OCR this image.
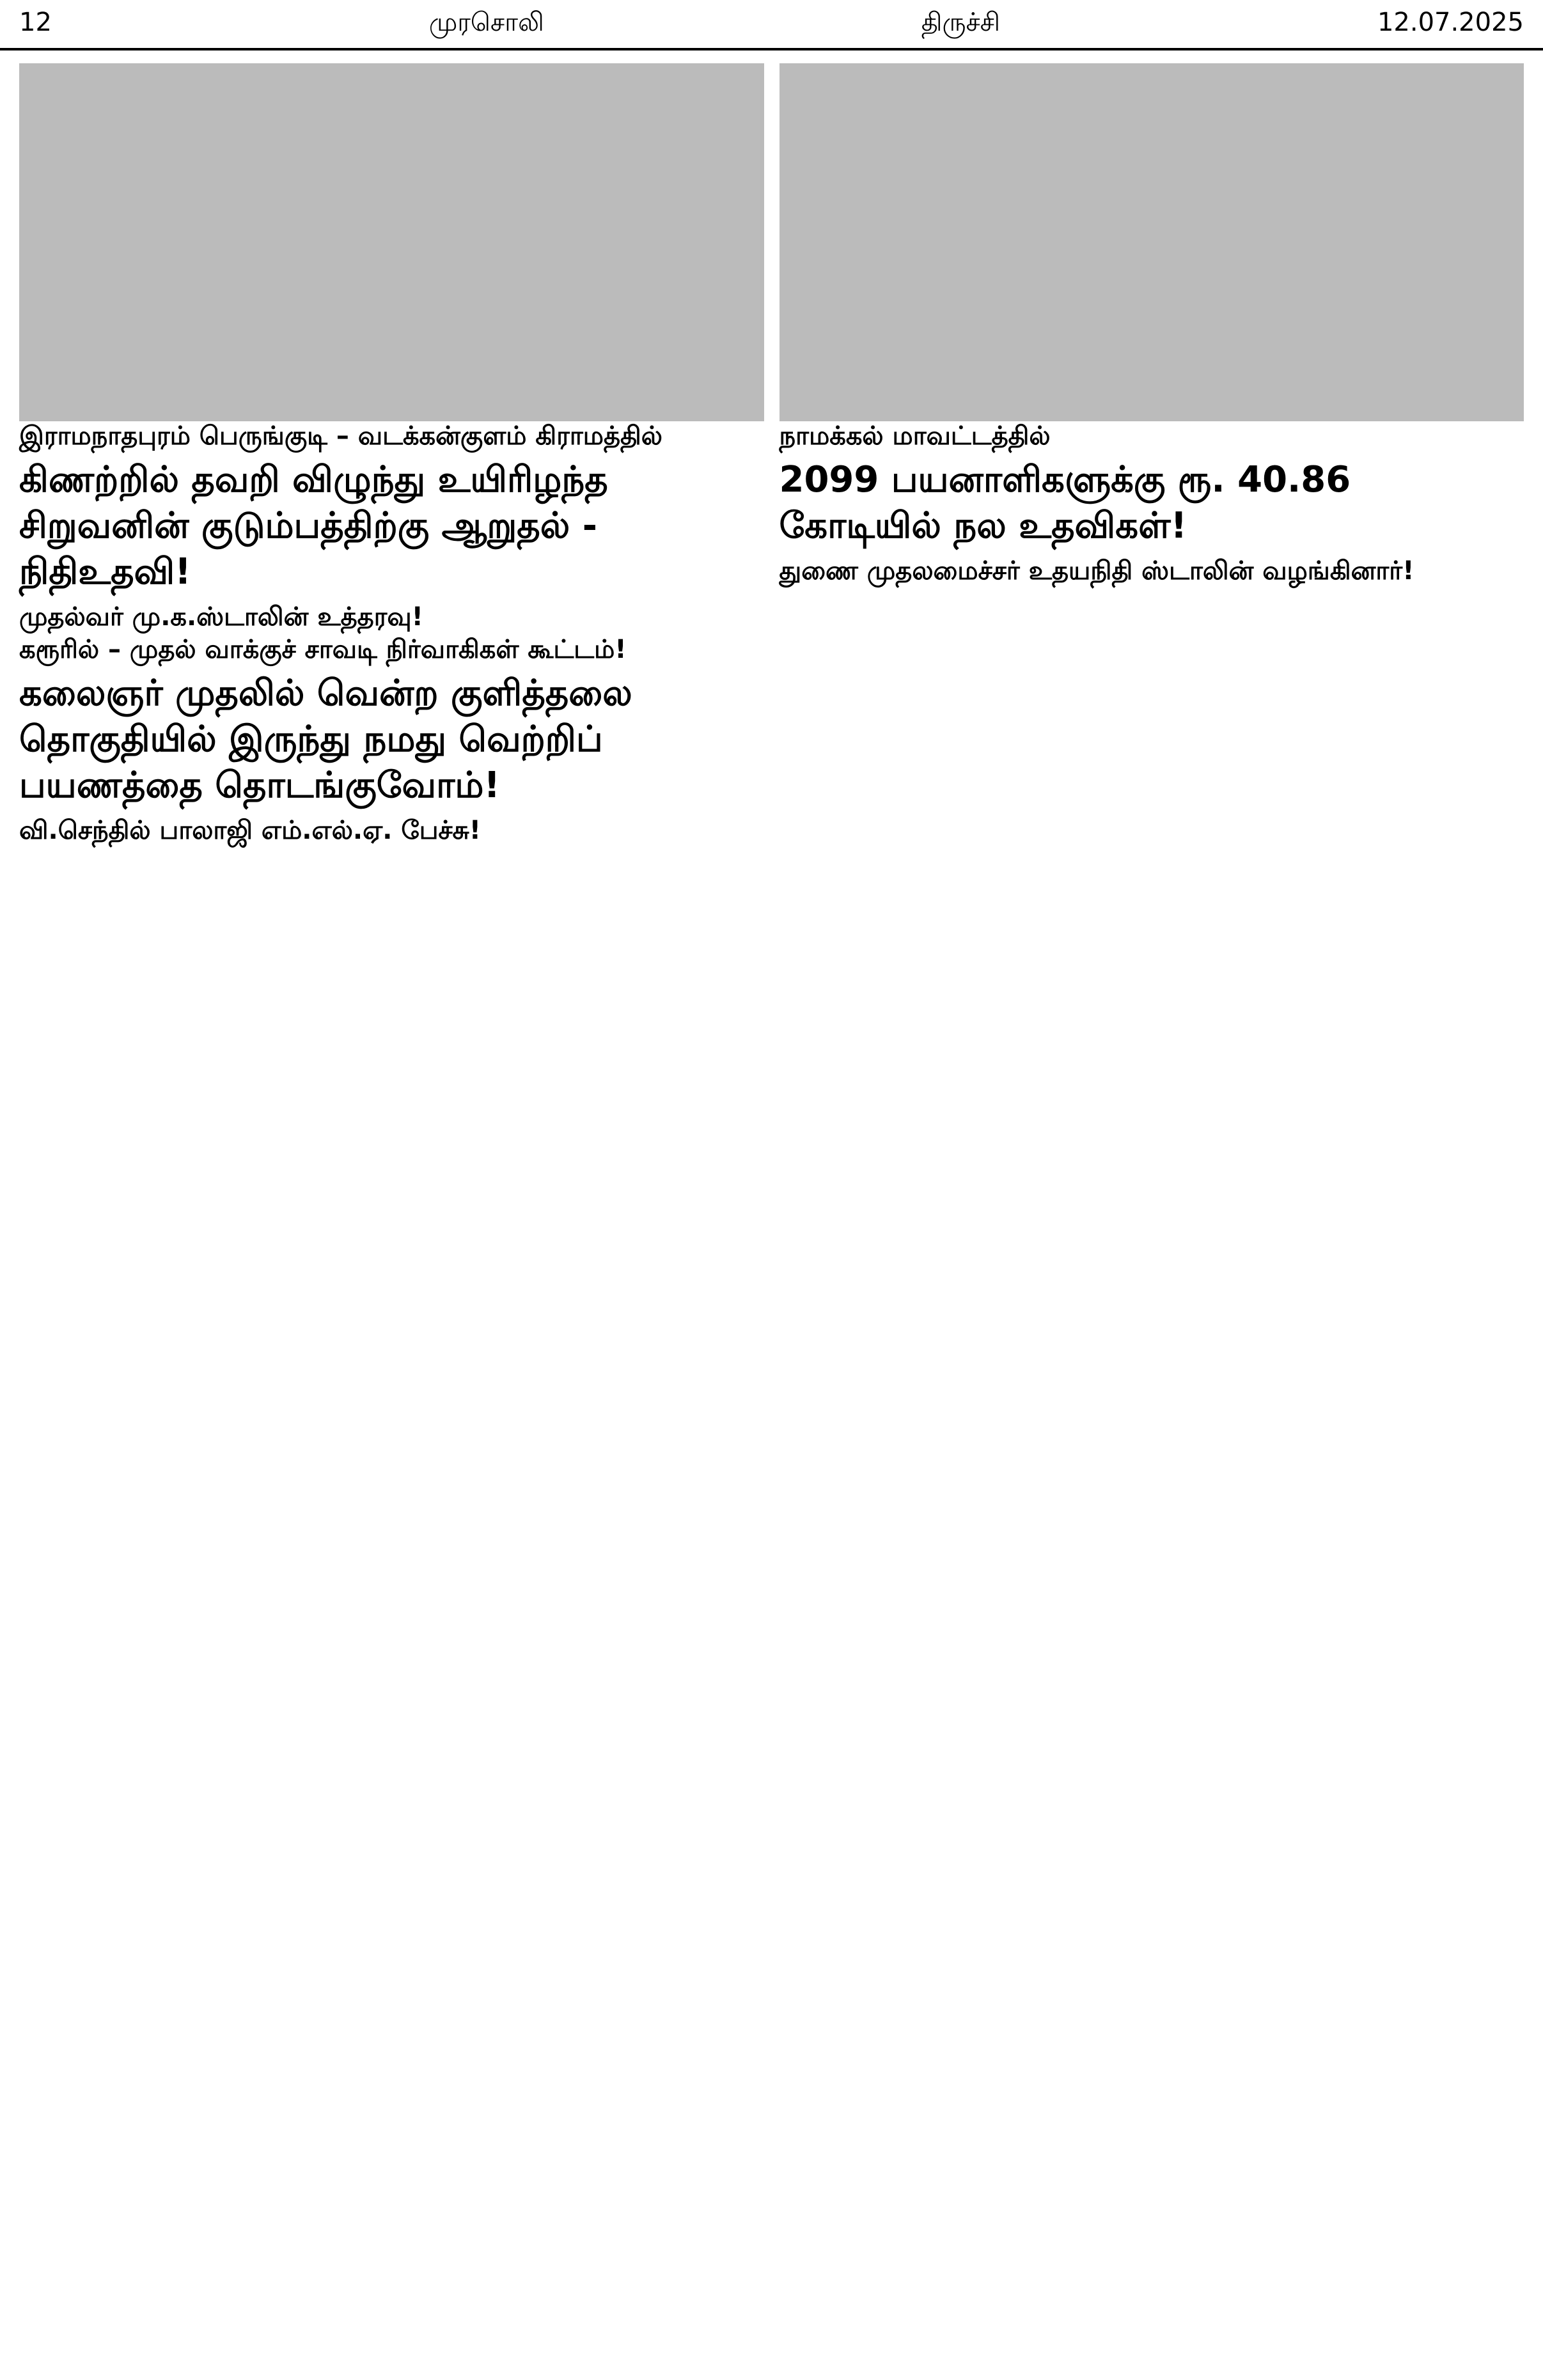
12	முரசொலி	திருச்சி	12.07.2025
இராமநாதபுரம் பெருங்குடி – வடக்கன்குளம் கிராமத்தில்
கிணற்றில் தவறி விழுந்து உயிரிழந்த சிறுவனின் குடும்பத்திற்கு ஆறுதல் - நிதிஉதவி!
முதல்வர் மு.க.ஸ்டாலின் உத்தரவு!
கரூரில் – முதல் வாக்குச் சாவடி நிர்வாகிகள் கூட்டம்!
கலைஞர் முதலில் வென்ற குளித்தலை தொகுதியில் இருந்து நமது வெற்றிப் பயணத்தை தொடங்குவோம்!
வி.செந்தில் பாலாஜி எம்.எல்.ஏ. பேச்சு!
நாமக்கல் மாவட்டத்தில்
2099 பயனாளிகளுக்கு ரூ. 40.86 கோடியில் நல உதவிகள்!
துணை முதலமைச்சர் உதயநிதி ஸ்டாலின் வழங்கினார்!
